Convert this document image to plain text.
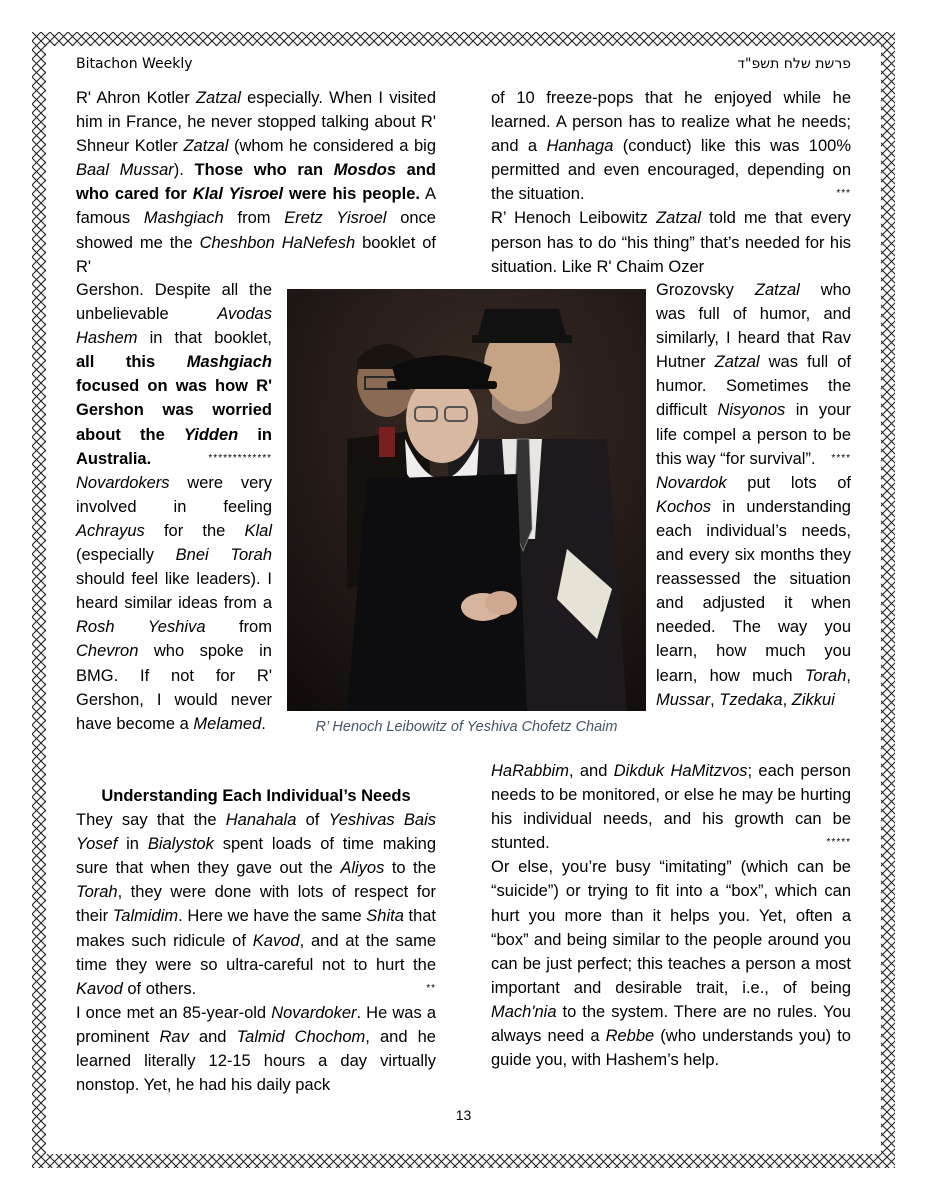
Bitachon Weekly	פרשת שלח תשפ"ד

R' Ahron Kotler Zatzal especially. When I visited him in France, he never stopped talking about R' Shneur Kotler Zatzal (whom he considered a big Baal Mussar). Those who ran Mosdos and who cared for Klal Yisroel were his people. A famous Mashgiach from Eretz Yisroel once showed me the Cheshbon HaNefesh booklet of R'

Gershon. Despite all the unbelievable Avodas Hashem in that booklet, all this Mashgiach focused on was how R' Gershon was worried about the Yidden in Australia.	*************

Novardokers were very involved in feeling Achrayus for the Klal (especially Bnei Torah should feel like leaders). I heard similar ideas from a Rosh Yeshiva from Chevron who spoke in BMG. If not for R' Gershon, I would never have become a Melamed.

Understanding Each Individual’s Needs

They say that the Hanahala of Yeshivas Bais Yosef in Bialystok spent loads of time making sure that when they gave out the Aliyos to the Torah, they were done with lots of respect for their Talmidim. Here we have the same Shita that makes such ridicule of Kavod, and at the same time they were so ultra-careful not to hurt the Kavod of others.	**

I once met an 85-year-old Novardoker. He was a prominent Rav and Talmid Chochom, and he learned literally 12-15 hours a day virtually nonstop. Yet, he had his daily pack

of 10 freeze-pops that he enjoyed while he learned. A person has to realize what he needs; and a Hanhaga (conduct) like this was 100% permitted and even encouraged, depending on the situation.	***

R’ Henoch Leibowitz Zatzal told me that every person has to do “his thing” that’s needed for his situation. Like R' Chaim Ozer

Grozovsky Zatzal who was full of humor, and similarly, I heard that Rav Hutner Zatzal was full of humor. Sometimes the difficult Nisyonos in your life compel a person to be this way “for survival”. ****

Novardok put lots of Kochos in understanding each individual’s needs, and every six months they reassessed the situation and adjusted it when needed. The way you learn, how much you learn, how much Torah, Mussar, Tzedaka, Zikkui

HaRabbim, and Dikduk HaMitzvos; each person needs to be monitored, or else he may be hurting his individual needs, and his growth can be stunted.	*****

Or else, you’re busy “imitating” (which can be “suicide”) or trying to fit into a “box”, which can hurt you more than it helps you. Yet, often a “box” and being similar to the people around you can be just perfect; this teaches a person a most important and desirable trait, i.e., of being Mach'nia to the system. There are no rules. You always need a Rebbe (who understands you) to guide you, with Hashem’s help.

R’ Henoch Leibowitz of Yeshiva Chofetz Chaim
13
